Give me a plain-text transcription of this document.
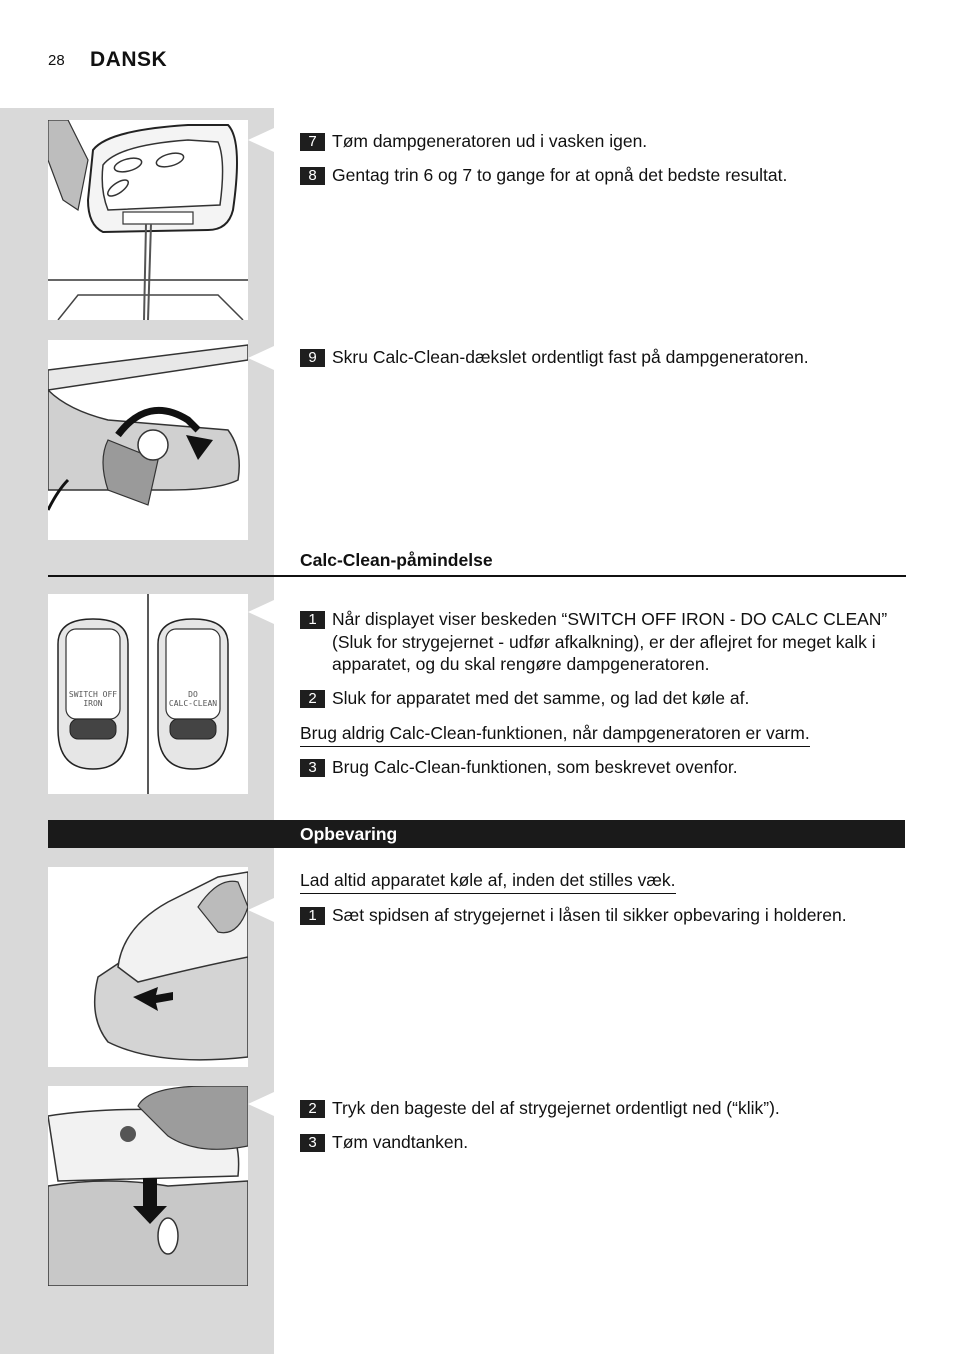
28 DANSK
SWITCH OFF
IRON
DO
CALC-CLEAN
7 Tøm dampgeneratoren ud i vasken igen.
8 Gentag trin 6 og 7 to gange for at opnå det bedste resultat.
9 Skru Calc-Clean-dækslet ordentligt fast på dampgeneratoren.
Calc-Clean-påmindelse
1 Når displayet viser beskeden “SWITCH OFF IRON - DO CALC CLEAN” (Sluk for strygejernet - udfør afkalkning), er der aflejret for meget kalk i apparatet, og du skal rengøre dampgeneratoren.
2 Sluk for apparatet med det samme, og lad det køle af.
Brug aldrig Calc-Clean-funktionen, når dampgeneratoren er varm.
3 Brug Calc-Clean-funktionen, som beskrevet ovenfor.
Opbevaring
Lad altid apparatet køle af, inden det stilles væk.
1 Sæt spidsen af strygejernet i låsen til sikker opbevaring i holderen.
2 Tryk den bageste del af strygejernet ordentligt ned (“klik”).
3 Tøm vandtanken.
